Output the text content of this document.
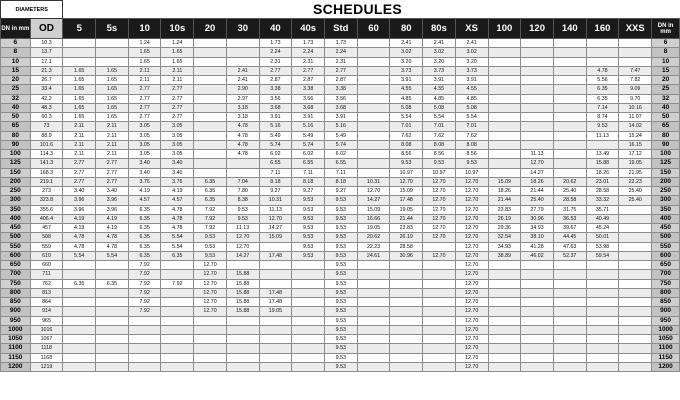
DIAMETERS		SCHEDULES																		
DN in mm	OD	5	5s	10	10s	20	30	40	40s	Std	60	80	80s	XS	100	120	140	160	XXS	DN in mm
6	10.3			1.24	1.24			1.73	1.73	1.73		2.41	2.41	2.41						6
8	13.7			1.65	1.65			2.24	2.24	2.24		3.02	3.02	3.02						8
10	17.1			1.65	1.65			2.31	2.31	2.31		3.20	3.20	3.20						10
15	21.3	1.65	1.65	2.11	2.11		2.41	2.77	2.77	2.77		3.73	3.73	3.73				4.78	7.47	15
20	26.7	1.65	1.65	2.11	2.11		2.41	2.87	2.87	2.87		3.91	3.91	3.91				5.56	7.82	20
25	33.4	1.65	1.65	2.77	2.77		2.90	3.38	3.38	3.38		4.55	4.55	4.55				6.35	9.09	25
32	42.2	1.65	1.65	2.77	2.77		2.97	3.56	3.56	3.56		4.85	4.85	4.85				6.35	9.70	32
40	48.3	1.65	1.65	2.77	2.77		3.18	3.68	3.68	3.68		5.08	5.08	5.08				7.14	10.16	40
50	60.3	1.65	1.65	2.77	2.77		3.18	3.91	3.91	3.91		5.54	5.54	5.54				8.74	11.07	50
65	73	2.11	2.11	3.05	3.05		4.78	5.16	5.16	5.16		7.01	7.01	7.01				9.53	14.02	65
80	88.9	2.11	2.11	3.05	3.05		4.78	5.49	5.49	5.49		7.62	7.62	7.62				11.13	15.24	80
90	101.6	2.11	2.11	3.05	3.05		4.78	5.74	5.74	5.74		8.08	8.08	8.08					16.15	90
100	114.3	2.11	2.11	3.05	3.05		4.78	6.02	6.02	6.02		8.56	8.56	8.56		11.13		13.49	17.12	100
125	141.3	2.77	2.77	3.40	3.40			6.55	6.55	6.55		9.53	9.53	9.53		12.70		15.88	19.05	125
150	168.3	2.77	2.77	3.40	3.40			7.11	7.11	7.11		10.97	10.97	10.97		14.27		18.26	21.95	150
200	219.1	2.77	2.77	3.76	3.76	6.35	7.04	8.18	8.18	8.18	10.31	12.70	12.70	12.70	15.09	18.26	20.62	23.01	22.23	200
250	273	3.40	3.40	4.19	4.19	6.35	7.80	9.27	9.27	9.27	12.70	15.09	12.70	12.70	18.26	21.44	25.40	28.58	25.40	250
300	323.8	3.96	3.96	4.57	4.57	6.35	8.38	10.31	9.53	9.53	14.27	17.48	12.70	12.70	21.44	25.40	28.58	33.32	25.40	300
350	355.6	3.96	3.96	6.35	4.78	7.92	9.53	11.13	9.53	9.53	15.09	19.05	12.70	12.70	23.83	27.79	31.75	35.71		350
400	406.4	4.19	4.19	6.35	4.78	7.92	9.53	12.70	9.53	9.53	16.66	21.44	12.70	12.70	26.19	30.96	36.53	40.49		400
450	457	4.19	4.19	6.35	4.78	7.92	11.13	14.27	9.53	9.53	19.05	23.83	12.70	12.70	29.36	34.93	39.67	45.24		450
500	508	4.78	4.78	6.35	5.54	9.53	12.70	15.09	9.53	9.53	20.62	26.19	12.70	12.70	32.54	38.10	44.45	50.01		500
550	559	4.78	4.78	6.35	5.54	9.53	12.70		9.53	9.53	22.23	28.58		12.70	34.93	41.28	47.63	53.98		550
600	610	5.54	5.54	6.35	6.35	9.53	14.27	17.48	9.53	9.53	24.61	30.96	12.70	12.70	38.89	46.02	52.37	59.54		600
650	660			7.92		12.70				9.53				12.70						650
700	711			7.92		12.70	15.88			9.53				12.70						700
750	762	6.35	6.35	7.92	7.92	12.70	15.88			9.53				12.70						750
800	813			7.92		12.70	15.88	17.48		9.53				12.70						800
850	864			7.92		12.70	15.88	17.48		9.53				12.70						850
900	914			7.92		12.70	15.88	19.05		9.53				12.70						900
950	965									9.53				12.70						950
1000	1016									9.53				12.70						1000
1050	1067									9.53				12.70						1050
1100	1118									9.53				12.70						1100
1150	1168									9.53				12.70						1150
1200	1219									9.53				12.70						1200
